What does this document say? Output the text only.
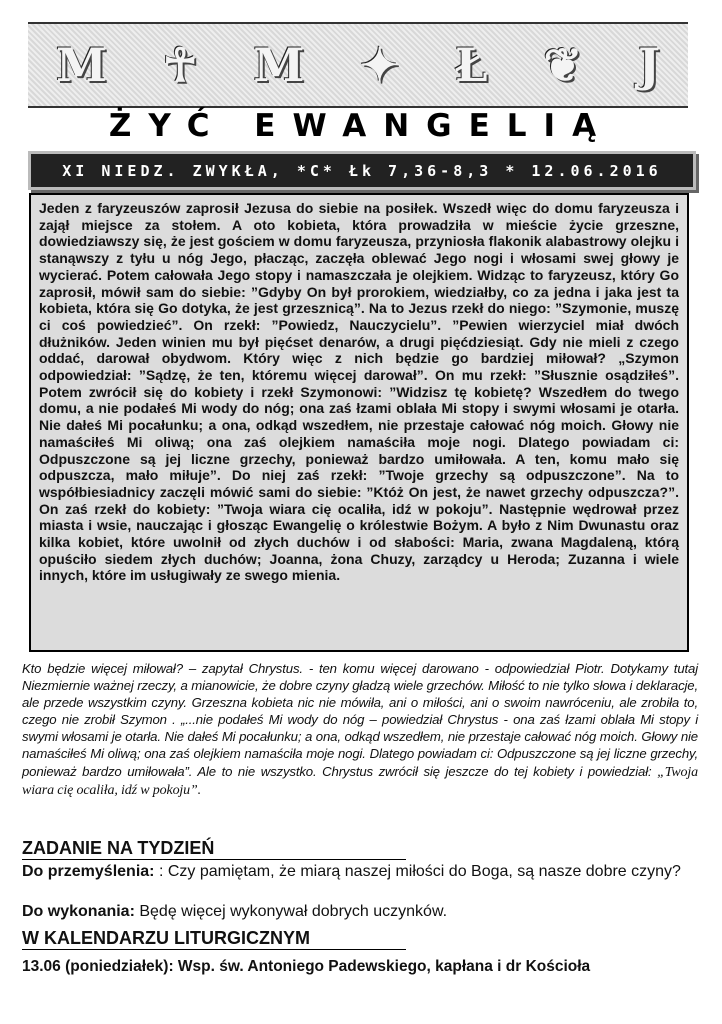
M ☥ M ✦ Ł ❦ J
ŻYĆ EWANGELIĄ
XI NIEDZ. ZWYKŁA, *C* Łk 7,36-8,3 * 12.06.2016
Jeden z faryzeuszów zaprosił Jezusa do siebie na posiłek. Wszedł więc do domu faryzeusza i zajął miejsce za stołem. A oto kobieta, która prowadziła w mieście życie grzeszne, dowiedziawszy się, że jest gościem w domu faryzeusza, przyniosła flakonik alabastrowy olejku i stanąwszy z tyłu u nóg Jego, płacząc, zaczęła oblewać Jego nogi i włosami swej głowy je wycierać. Potem całowała Jego stopy i namaszczała je olejkiem. Widząc to faryzeusz, który Go zaprosił, mówił sam do siebie: ”Gdyby On był prorokiem, wiedziałby, co za jedna i jaka jest ta kobieta, która się Go dotyka, że jest grzesznicą”. Na to Jezus rzekł do niego: ”Szymonie, muszę ci coś powiedzieć”. On rzekł: ”Powiedz, Nauczycielu”. ”Pewien wierzyciel miał dwóch dłużników. Jeden winien mu był pięćset denarów, a drugi pięćdziesiąt. Gdy nie mieli z czego oddać, darował obydwom. Który więc z nich będzie go bardziej miłował? „Szymon odpowiedział: ”Sądzę, że ten, któremu więcej darował”. On mu rzekł: ”Słusznie osądziłeś”. Potem zwrócił się do kobiety i rzekł Szymonowi: ”Widzisz tę kobietę? Wszedłem do twego domu, a nie podałeś Mi wody do nóg; ona zaś łzami oblała Mi stopy i swymi włosami je otarła. Nie dałeś Mi pocałunku; a ona, odkąd wszedłem, nie przestaje całować nóg moich. Głowy nie namaściłeś Mi oliwą; ona zaś olejkiem namaściła moje nogi. Dlatego powiadam ci: Odpuszczone są jej liczne grzechy, ponieważ bardzo umiłowała. A ten, komu mało się odpuszcza, mało miłuje”. Do niej zaś rzekł: ”Twoje grzechy są odpuszczone”. Na to współbiesiadnicy zaczęli mówić sami do siebie: ”Któż On jest, że nawet grzechy odpuszcza?”. On zaś rzekł do kobiety: ”Twoja wiara cię ocaliła, idź w pokoju”. Następnie wędrował przez miasta i wsie, nauczając i głosząc Ewangelię o królestwie Bożym. A było z Nim Dwunastu oraz kilka kobiet, które uwolnił od złych duchów i od słabości: Maria, zwana Magdaleną, którą opuściło siedem złych duchów; Joanna, żona Chuzy, zarządcy u Heroda; Zuzanna i wiele innych, które im usługiwały ze swego mienia.
Kto będzie więcej miłował? – zapytał Chrystus. - ten komu więcej darowano - odpowiedział Piotr. Dotykamy tutaj Niezmiernie ważnej rzeczy, a mianowicie, że dobre czyny gładzą wiele grzechów. Miłość to nie tylko słowa i deklaracje, ale przede wszystkim czyny. Grzeszna kobieta nic nie mówiła, ani o miłości, ani o swoim nawróceniu, ale zrobiła to, czego nie zrobił Szymon . „...nie podałeś Mi wody do nóg – powiedział Chrystus - ona zaś łzami oblała Mi stopy i swymi włosami je otarła. Nie dałeś Mi pocałunku; a ona, odkąd wszedłem, nie przestaje całować nóg moich. Głowy nie namaściłeś Mi oliwą; ona zaś olejkiem namaściła moje nogi. Dlatego powiadam ci: Odpuszczone są jej liczne grzechy, ponieważ bardzo umiłowała”. Ale to nie wszystko. Chrystus zwrócił się jeszcze do tej kobiety i powiedział: „Twoja wiara cię ocaliła, idź w pokoju”.
ZADANIE NA TYDZIEŃ
Do przemyślenia: : Czy pamiętam, że miarą naszej miłości do Boga, są nasze dobre czyny?
Do wykonania: Będę więcej wykonywał dobrych uczynków.
W KALENDARZU LITURGICZNYM
13.06 (poniedziałek): Wsp. św. Antoniego Padewskiego, kapłana i dr Kościoła
